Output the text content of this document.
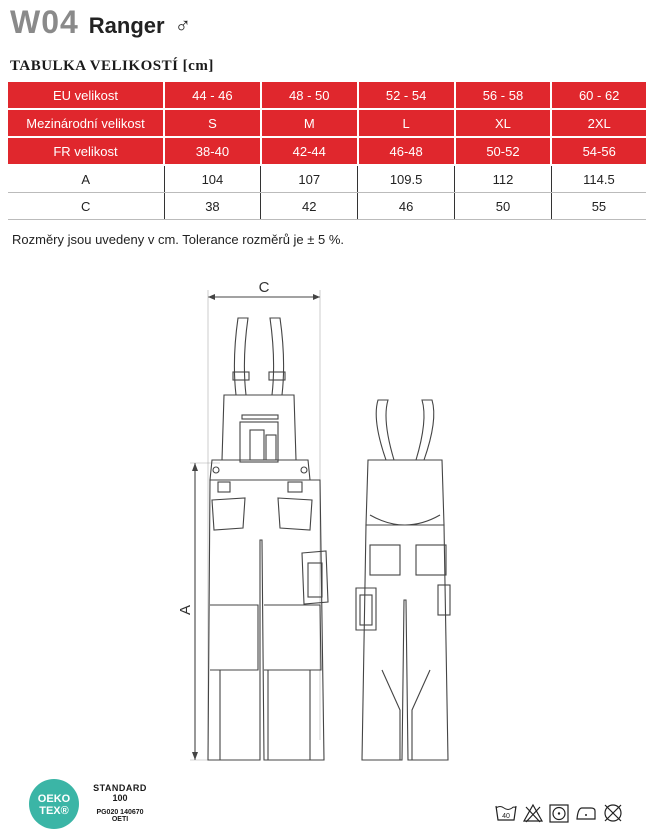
W04 Ranger ♂
TABULKA VELIKOSTÍ [cm]
EU velikost	44 - 46	48 - 50	52 - 54	56 - 58	60 - 62
Mezinárodní velikost	S	M	L	XL	2XL
FR velikost	38-40	42-44	46-48	50-52	54-56
A	104	107	109.5	112	114.5
C	38	42	46	50	55
Rozměry jsou uvedeny v cm. Tolerance rozměrů je ± 5 %.
C
A
OEKO
TEX®
STANDARD
100
PG020 140670
OETI	40
